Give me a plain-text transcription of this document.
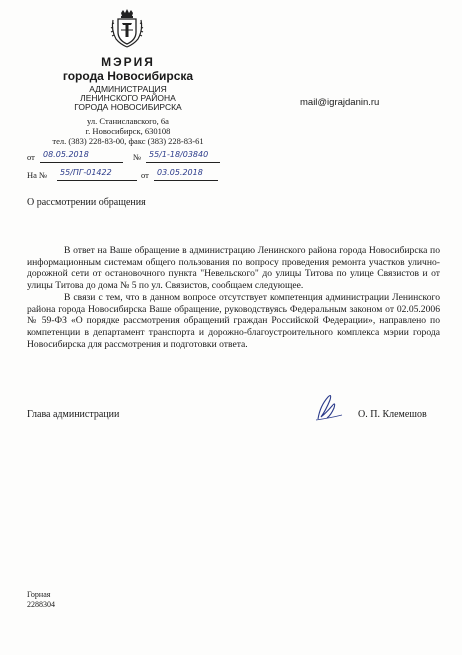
МЭРИЯ
города Новосибирска
АДМИНИСТРАЦИЯ
ЛЕНИНСКОГО РАЙОНА
ГОРОДА НОВОСИБИРСКА
ул. Станиславского, 6а
г. Новосибирск, 630108
тел. (383) 228-83-00, факс (383) 228-83-61
mail@igrajdanin.ru
от 08.05.2018	№ 55/1-18/03840
На № 55/ПГ-01422	от 03.05.2018
О рассмотрении обращения

В ответ на Ваше обращение в администрацию Ленинского района города Новосибирска по информационным системам общего пользования по вопросу проведения ремонта участков улично-дорожной сети от остановочного пункта "Невельского" до улицы Титова по улице Связистов и от улицы Титова до дома № 5 по ул. Связистов, сообщаем следующее.

В связи с тем, что в данном вопросе отсутствует компетенция администрации Ленинского района города Новосибирска Ваше обращение, руководствуясь Федеральным законом от 02.05.2006 № 59-ФЗ «О порядке рассмотрения обращений граждан Российской Федерации», направлено по компетенции в департамент транспорта и дорожно-благоустроительного комплекса мэрии города Новосибирска для рассмотрения и подготовки ответа.

Глава администрации	О. П. Клемешов
Горная
2288304
